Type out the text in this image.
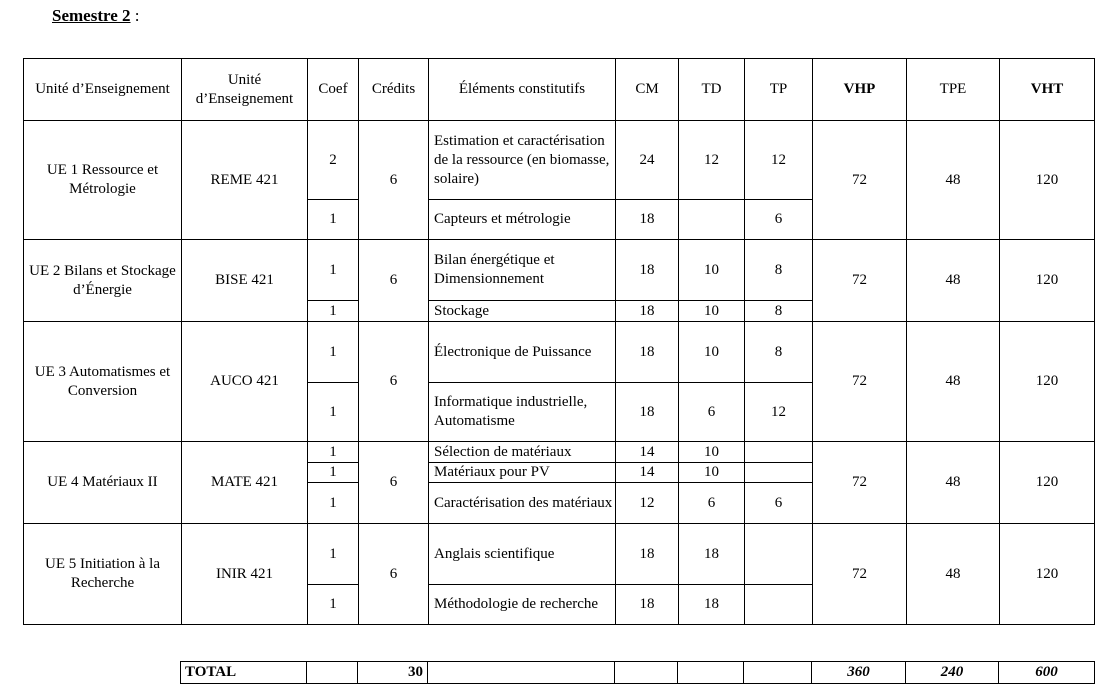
Semestre 2 :
Unité d’Enseignement	Unité d’Enseignement	Coef	Crédits	Éléments constitutifs	CM	TD	TP	VHP	TPE	VHT
UE 1 Ressource et Métrologie	REME 421	2	6	Estimation et caractérisation de la ressource (en biomasse, solaire)	24	12	12	72	48	120
		1		Capteurs et métrologie	18		6			
UE 2 Bilans et Stockage d’Énergie	BISE 421	1	6	Bilan énergétique et Dimensionnement	18	10	8	72	48	120
		1		Stockage	18	10	8			
UE 3 Automatismes et Conversion	AUCO 421	1	6	Électronique de Puissance	18	10	8	72	48	120
		1		Informatique industrielle, Automatisme	18	6	12			
UE 4 Matériaux II	MATE 421	1	6	Sélection de matériaux	14	10		72	48	120
		1		Matériaux pour PV	14	10				
		1		Caractérisation des matériaux	12	6	6			
UE 5 Initiation à la Recherche	INIR 421	1	6	Anglais scientifique	18	18		72	48	120
		1		Méthodologie de recherche	18	18				
TOTAL		30					360	240	600
